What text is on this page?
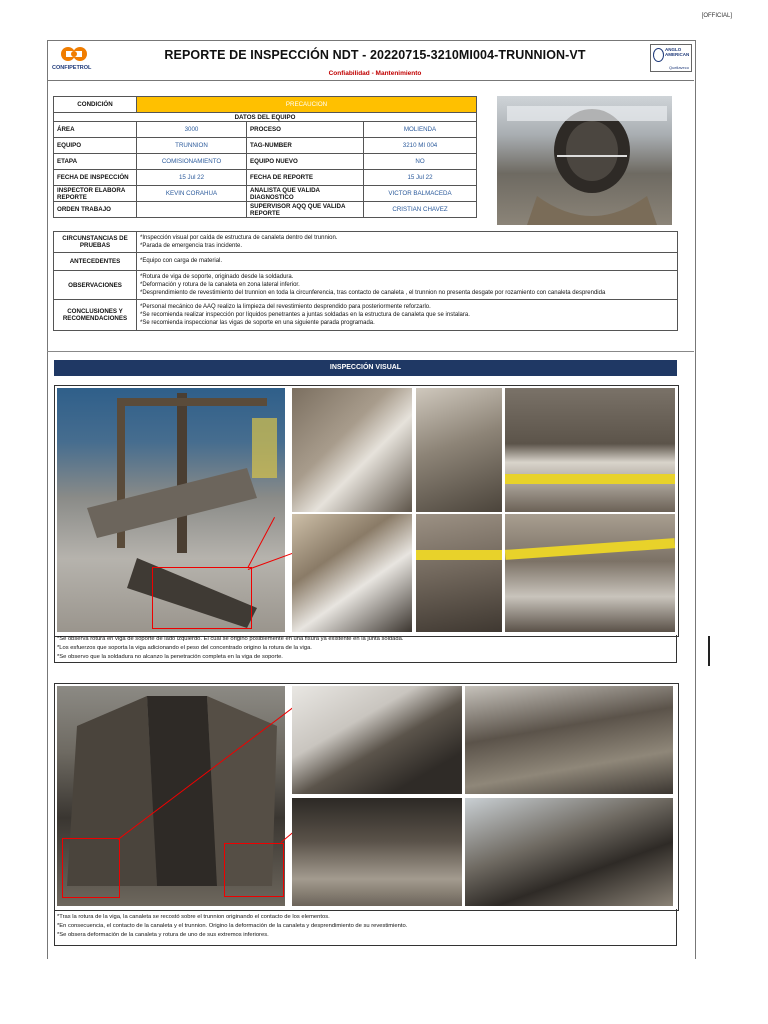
[OFFICIAL]
CONFIPETROL
REPORTE DE INSPECCIÓN NDT - 20220715-3210MI004-TRUNNION-VT
Confiabilidad - Mantenimiento
ANGLO
AMERICAN
Quellaveco
CONDICIÓN	PRECAUCION		
DATOS DEL EQUIPO			
ÁREA	3000	PROCESO	MOLIENDA
EQUIPO	TRUNNION	TAG-NUMBER	3210 MI 004
ETAPA	COMISIONAMIENTO	EQUIPO NUEVO	NO
FECHA DE INSPECCIÓN	15 Jul 22	FECHA DE REPORTE	15 Jul 22
INSPECTOR ELABORA REPORTE	KEVIN CORAHUA	ANALISTA QUE VALIDA DIAGNOSTICO	VICTOR BALMACEDA
ORDEN TRABAJO		SUPERVISOR AQQ QUE VALIDA REPORTE	CRISTIAN CHAVEZ
CIRCUNSTANCIAS DE PRUEBAS	*Inspección visual por caída de estructura de canaleta dentro del trunnion.
*Parada de emergencia tras incidente.

ANTECEDENTES	*Equipo con carga de material.

OBSERVACIONES	*Rotura de viga de soporte, originado desde la soldadura.
*Deformación y rotura de la canaleta en zona lateral inferior.
*Desprendimiento de revestimiento del trunnion en toda la circunferencia, tras contacto de canaleta , el trunnion no presenta desgate por rozamiento con canaleta desprendida

CONCLUSIONES Y RECOMENDACIONES	*Personal mecánico de AAQ realizo la limpieza del revestimiento desprendido para posteriormente reforzarlo.
*Se recomienda realizar inspección por líquidos penetrantes a juntas soldadas en la estructura de canaleta que se instalara.
*Se recomienda inspeccionar las vigas de soporte en una siguiente parada programada.
INSPECCIÓN VISUAL
*Se observa rotura en viga de soporte de lado izquierdo. El cual se origino posiblemente en una fisura ya existente en la junta soldada.
*Los esfuerzos que soporta la viga adicionando el peso del concentrado origino la rotura de la viga.
*Se observo que la soldadura no alcanzo la penetración completa en la viga de soporte.
*Tras la rotura de la viga, la canaleta se recostó sobre el trunnion originando el contacto de los elementos.
*En consecuencia, el contacto de la canaleta y el trunnion. Origino la deformación de la canaleta y desprendimiento de su revestimiento.
*Se obsera deformación de la canaleta y rotura de uno de sus extremos inferiores.
